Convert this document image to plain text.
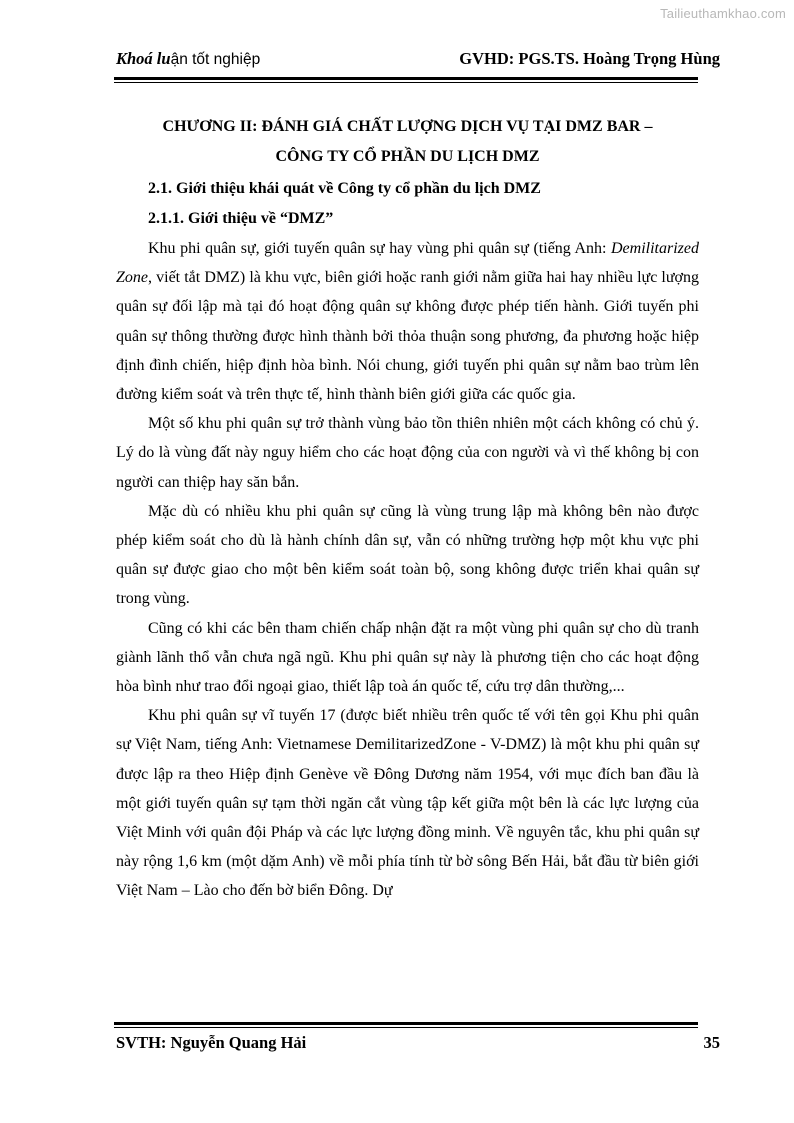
Tailieuthamkhao.com
Khoá luận tốt nghiệp	GVHD: PGS.TS. Hoàng Trọng Hùng
CHƯƠNG II: ĐÁNH GIÁ CHẤT LƯỢNG DỊCH VỤ TẠI DMZ BAR –
CÔNG TY CỔ PHẦN DU LỊCH DMZ

2.1. Giới thiệu khái quát về Công ty cổ phần du lịch DMZ

2.1.1. Giới thiệu về “DMZ”

Khu phi quân sự, giới tuyến quân sự hay vùng phi quân sự (tiếng Anh: Demilitarized Zone, viết tắt DMZ) là khu vực, biên giới hoặc ranh giới nằm giữa hai hay nhiều lực lượng quân sự đối lập mà tại đó hoạt động quân sự không được phép tiến hành. Giới tuyến phi quân sự thông thường được hình thành bởi thỏa thuận song phương, đa phương hoặc hiệp định đình chiến, hiệp định hòa bình. Nói chung, giới tuyến phi quân sự nằm bao trùm lên đường kiểm soát và trên thực tế, hình thành biên giới giữa các quốc gia.

Một số khu phi quân sự trở thành vùng bảo tồn thiên nhiên một cách không có chủ ý. Lý do là vùng đất này nguy hiểm cho các hoạt động của con người và vì thế không bị con người can thiệp hay săn bắn.

Mặc dù có nhiều khu phi quân sự cũng là vùng trung lập mà không bên nào được phép kiểm soát cho dù là hành chính dân sự, vẫn có những trường hợp một khu vực phi quân sự được giao cho một bên kiểm soát toàn bộ, song không được triển khai quân sự trong vùng.

Cũng có khi các bên tham chiến chấp nhận đặt ra một vùng phi quân sự cho dù tranh giành lãnh thổ vẫn chưa ngã ngũ. Khu phi quân sự này là phương tiện cho các hoạt động hòa bình như trao đổi ngoại giao, thiết lập toà án quốc tế, cứu trợ dân thường,...

Khu phi quân sự vĩ tuyến 17 (được biết nhiều trên quốc tế với tên gọi Khu phi quân sự Việt Nam, tiếng Anh: Vietnamese DemilitarizedZone - V-DMZ) là một khu phi quân sự được lập ra theo Hiệp định Genève về Đông Dương năm 1954, với mục đích ban đầu là một giới tuyến quân sự tạm thời ngăn cắt vùng tập kết giữa một bên là các lực lượng của Việt Minh với quân đội Pháp và các lực lượng đồng minh. Về nguyên tắc, khu phi quân sự này rộng 1,6 km (một dặm Anh) về mỗi phía tính từ bờ sông Bến Hải, bắt đầu từ biên giới Việt Nam – Lào cho đến bờ biển Đông. Dự

SVTH: Nguyễn Quang Hải	35
